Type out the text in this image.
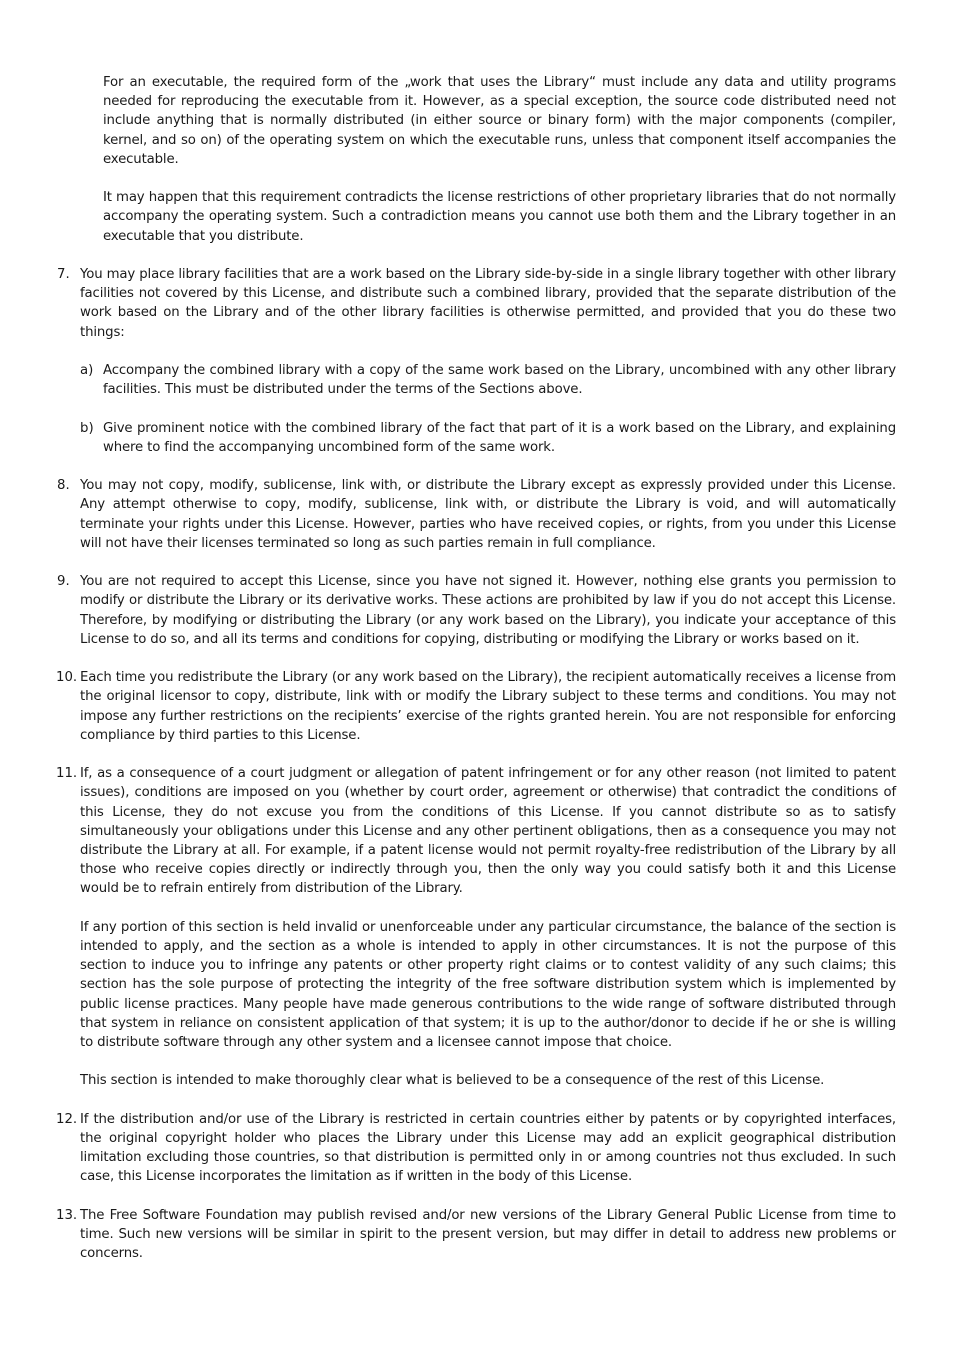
For an executable, the required form of the „work that uses the Library“ must include any data and utility programs needed for reproducing the executable from it. However, as a special exception, the source code distributed need not include anything that is normally distributed (in either source or binary form) with the major components (compiler, kernel, and so on) of the operating system on which the executable runs, unless that component itself accompanies the executable.

It may happen that this requirement contradicts the license restrictions of other proprietary libraries that do not normally accompany the operating system. Such a contradiction means you cannot use both them and the Library together in an executable that you distribute.

7. You may place library facilities that are a work based on the Library side-by-side in a single library together with other library facilities not covered by this License, and distribute such a combined library, provided that the separate distribution of the work based on the Library and of the other library facilities is otherwise permitted, and provided that you do these two things:

a) Accompany the combined library with a copy of the same work based on the Library, uncombined with any other library facilities. This must be distributed under the terms of the Sections above.

b) Give prominent notice with the combined library of the fact that part of it is a work based on the Library, and explaining where to find the accompanying uncombined form of the same work.

8. You may not copy, modify, sublicense, link with, or distribute the Library except as expressly provided under this License. Any attempt otherwise to copy, modify, sublicense, link with, or distribute the Library is void, and will automatically terminate your rights under this License. However, parties who have received copies, or rights, from you under this License will not have their licenses terminated so long as such parties remain in full compliance.

9. You are not required to accept this License, since you have not signed it. However, nothing else grants you permission to modify or distribute the Library or its derivative works. These actions are prohibited by law if you do not accept this License. Therefore, by modifying or distributing the Library (or any work based on the Library), you indicate your acceptance of this License to do so, and all its terms and conditions for copying, distributing or modifying the Library or works based on it.

10. Each time you redistribute the Library (or any work based on the Library), the recipient automatically receives a license from the original licensor to copy, distribute, link with or modify the Library subject to these terms and conditions. You may not impose any further restrictions on the recipients’ exercise of the rights granted herein. You are not responsible for enforcing compliance by third parties to this License.

11. If, as a consequence of a court judgment or allegation of patent infringement or for any other reason (not limited to patent issues), conditions are imposed on you (whether by court order, agreement or otherwise) that contradict the conditions of this License, they do not excuse you from the conditions of this License. If you cannot distribute so as to satisfy simultaneously your obligations under this License and any other pertinent obligations, then as a consequence you may not distribute the Library at all. For example, if a patent license would not permit royalty-free redistribution of the Library by all those who receive copies directly or indirectly through you, then the only way you could satisfy both it and this License would be to refrain entirely from distribution of the Library.

If any portion of this section is held invalid or unenforceable under any particular circumstance, the balance of the section is intended to apply, and the section as a whole is intended to apply in other circumstances. It is not the purpose of this section to induce you to infringe any patents or other property right claims or to contest validity of any such claims; this section has the sole purpose of protecting the integrity of the free software distribution system which is implemented by public license practices. Many people have made generous contributions to the wide range of software distributed through that system in reliance on consistent application of that system; it is up to the author/donor to decide if he or she is willing to distribute software through any other system and a licensee cannot impose that choice.

This section is intended to make thoroughly clear what is believed to be a consequence of the rest of this License.

12. If the distribution and/or use of the Library is restricted in certain countries either by patents or by copyrighted interfaces, the original copyright holder who places the Library under this License may add an explicit geographical distribution limitation excluding those countries, so that distribution is permitted only in or among countries not thus excluded. In such case, this License incorporates the limitation as if written in the body of this License.

13. The Free Software Foundation may publish revised and/or new versions of the Library General Public License from time to time. Such new versions will be similar in spirit to the present version, but may differ in detail to address new problems or concerns.
